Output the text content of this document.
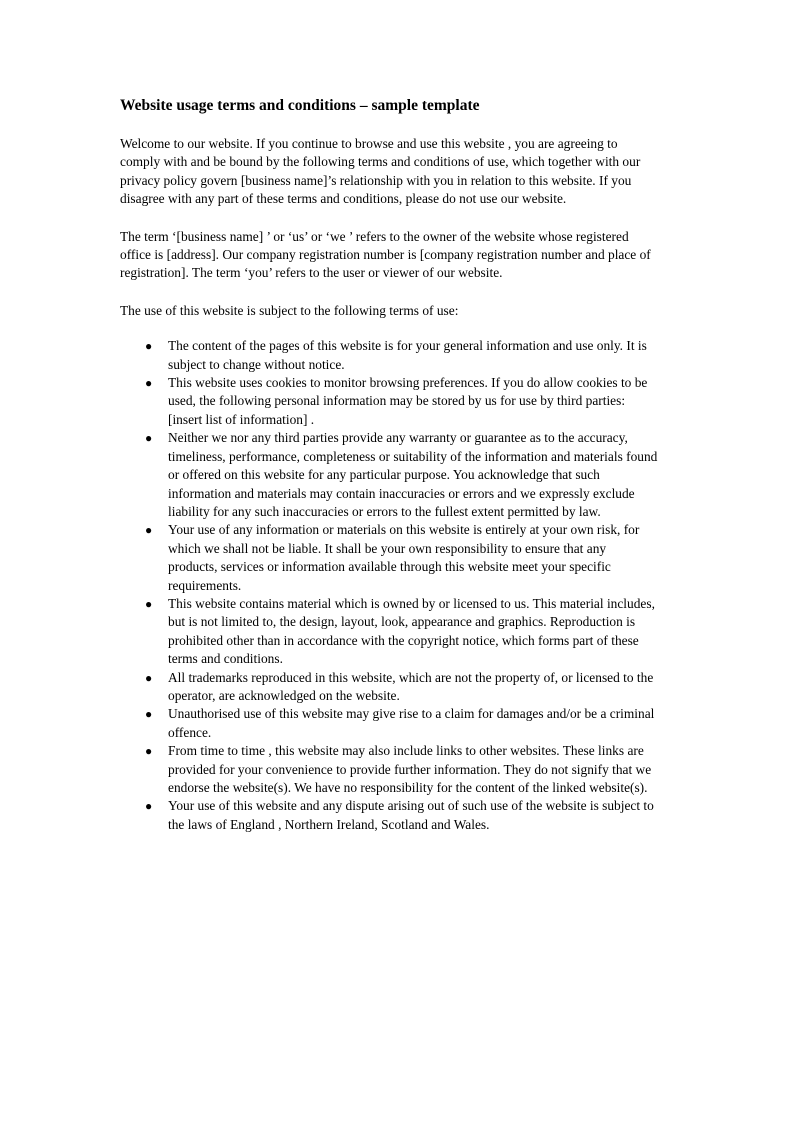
Website usage terms and conditions – sample template

Welcome to our website. If you continue to browse and use this website , you are agreeing to comply with and be bound by the following terms and conditions of use, which together with our privacy policy govern [business name]’s relationship with you in relation to this website. If you disagree with any part of these terms and conditions, please do not use our website.

The term ‘[business name] ’ or ‘us’ or ‘we ’ refers to the owner of the website whose registered office is [address]. Our company registration number is [company registration number and place of registration]. The term ‘you’ refers to the user or viewer of our website.

The use of this website is subject to the following terms of use:

● The content of the pages of this website is for your general information and use only. It is subject to change without notice.
● This website uses cookies to monitor browsing preferences. If you do allow cookies to be used, the following personal information may be stored by us for use by third parties: [insert list of information] .
● Neither we nor any third parties provide any warranty or guarantee as to the accuracy, timeliness, performance, completeness or suitability of the information and materials found or offered on this website for any particular purpose. You acknowledge that such information and materials may contain inaccuracies or errors and we expressly exclude liability for any such inaccuracies or errors to the fullest extent permitted by law.
● Your use of any information or materials on this website is entirely at your own risk, for which we shall not be liable. It shall be your own responsibility to ensure that any products, services or information available through this website meet your specific requirements.
● This website contains material which is owned by or licensed to us. This material includes, but is not limited to, the design, layout, look, appearance and graphics. Reproduction is prohibited other than in accordance with the copyright notice, which forms part of these terms and conditions.
● All trademarks reproduced in this website, which are not the property of, or licensed to the operator, are acknowledged on the website.
● Unauthorised use of this website may give rise to a claim for damages and/or be a criminal offence.
● From time to time , this website may also include links to other websites. These links are provided for your convenience to provide further information. They do not signify that we endorse the website(s). We have no responsibility for the content of the linked website(s).
● Your use of this website and any dispute arising out of such use of the website is subject to the laws of England , Northern Ireland, Scotland and Wales.
